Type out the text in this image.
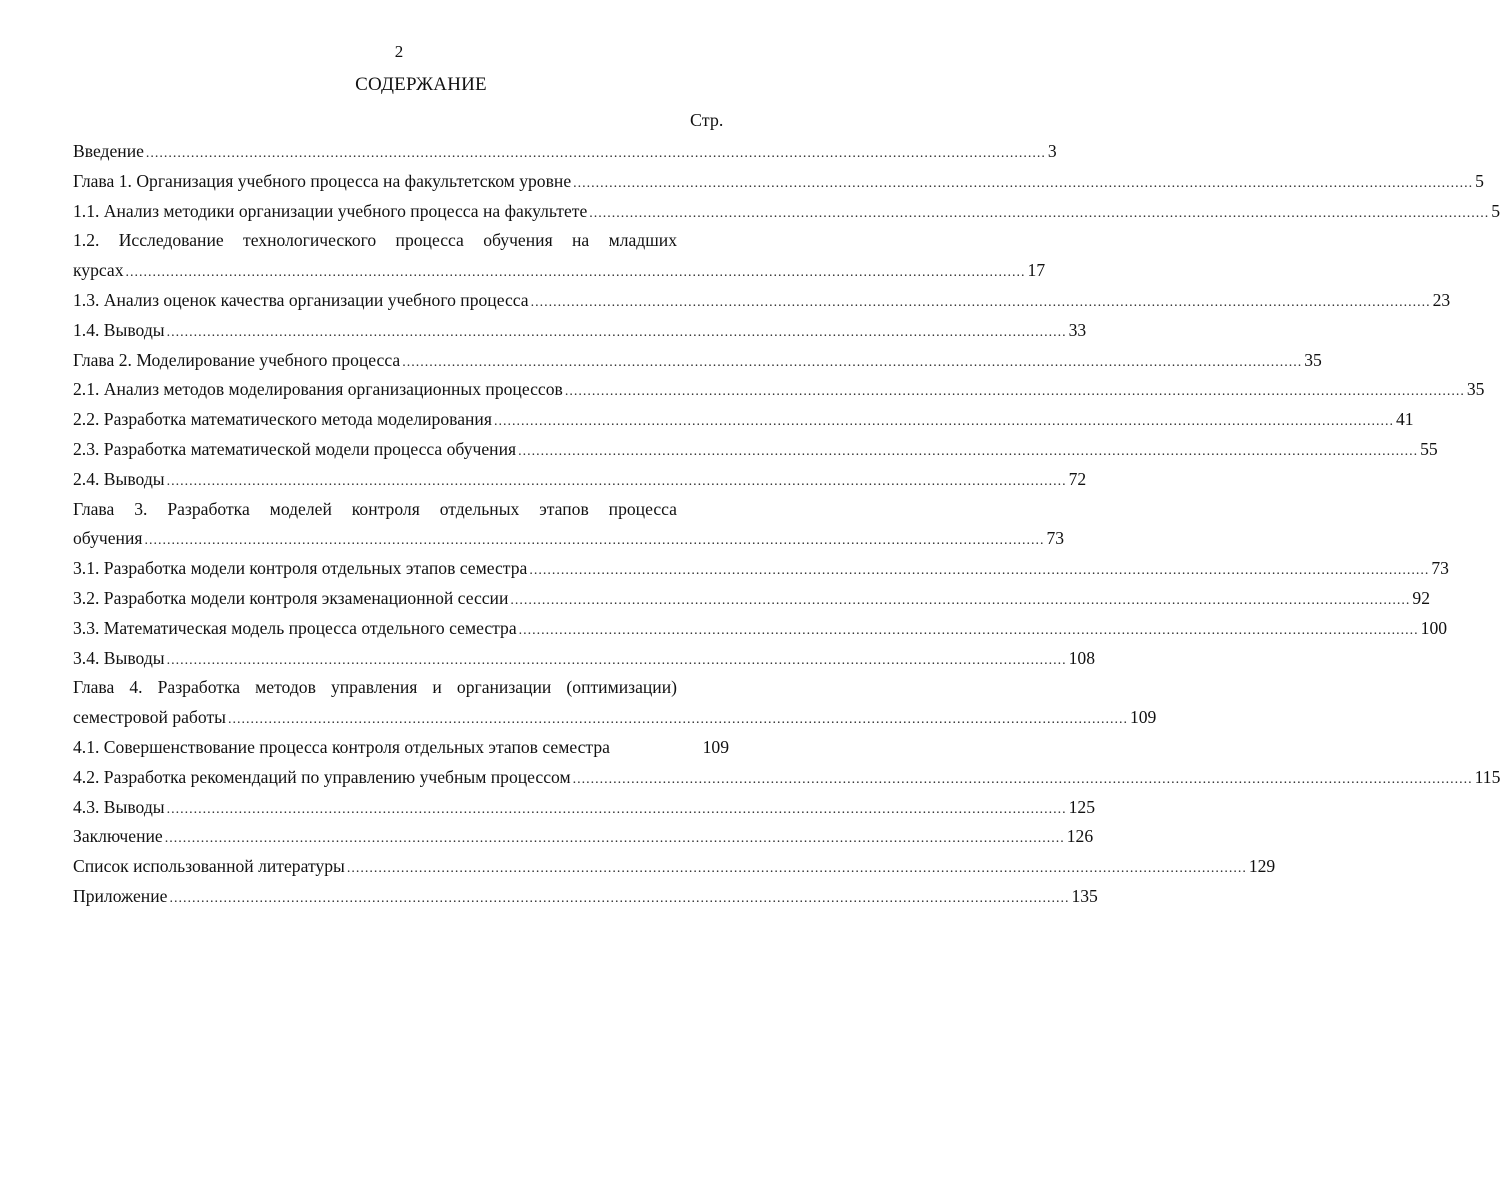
2
СОДЕРЖАНИЕ
Стр.
Введение ........................................................................................................................................................................................................ 3
Глава 1. Организация учебного процесса на факультетском уровне ........................................................................................................................................................................................................ 5
1.1. Анализ методики организации учебного процесса на факультете ........................................................................................................................................................................................................ 5
1.2. Исследование технологического процесса обучения на младших
курсах ........................................................................................................................................................................................................ 17
1.3. Анализ оценок качества организации учебного процесса ........................................................................................................................................................................................................ 23
1.4. Выводы ........................................................................................................................................................................................................ 33
Глава 2. Моделирование учебного процесса ........................................................................................................................................................................................................ 35
2.1. Анализ методов моделирования организационных процессов ........................................................................................................................................................................................................ 35
2.2. Разработка математического метода моделирования ........................................................................................................................................................................................................ 41
2.3. Разработка математической модели процесса обучения ........................................................................................................................................................................................................ 55
2.4. Выводы ........................................................................................................................................................................................................ 72
Глава 3. Разработка моделей контроля отдельных этапов процесса
обучения ........................................................................................................................................................................................................ 73
3.1. Разработка модели контроля отдельных этапов семестра ........................................................................................................................................................................................................ 73
3.2. Разработка модели контроля экзаменационной сессии ........................................................................................................................................................................................................ 92
3.3. Математическая модель процесса отдельного семестра ........................................................................................................................................................................................................ 100
3.4. Выводы ........................................................................................................................................................................................................ 108
Глава 4. Разработка методов управления и организации (оптимизации)
семестровой работы ........................................................................................................................................................................................................ 109
4.1. Совершенствование процесса контроля отдельных этапов семестра	109
4.2. Разработка рекомендаций по управлению учебным процессом ........................................................................................................................................................................................................ 115
4.3. Выводы ........................................................................................................................................................................................................ 125
Заключение ........................................................................................................................................................................................................ 126
Список использованной литературы ........................................................................................................................................................................................................ 129
Приложение ........................................................................................................................................................................................................ 135
